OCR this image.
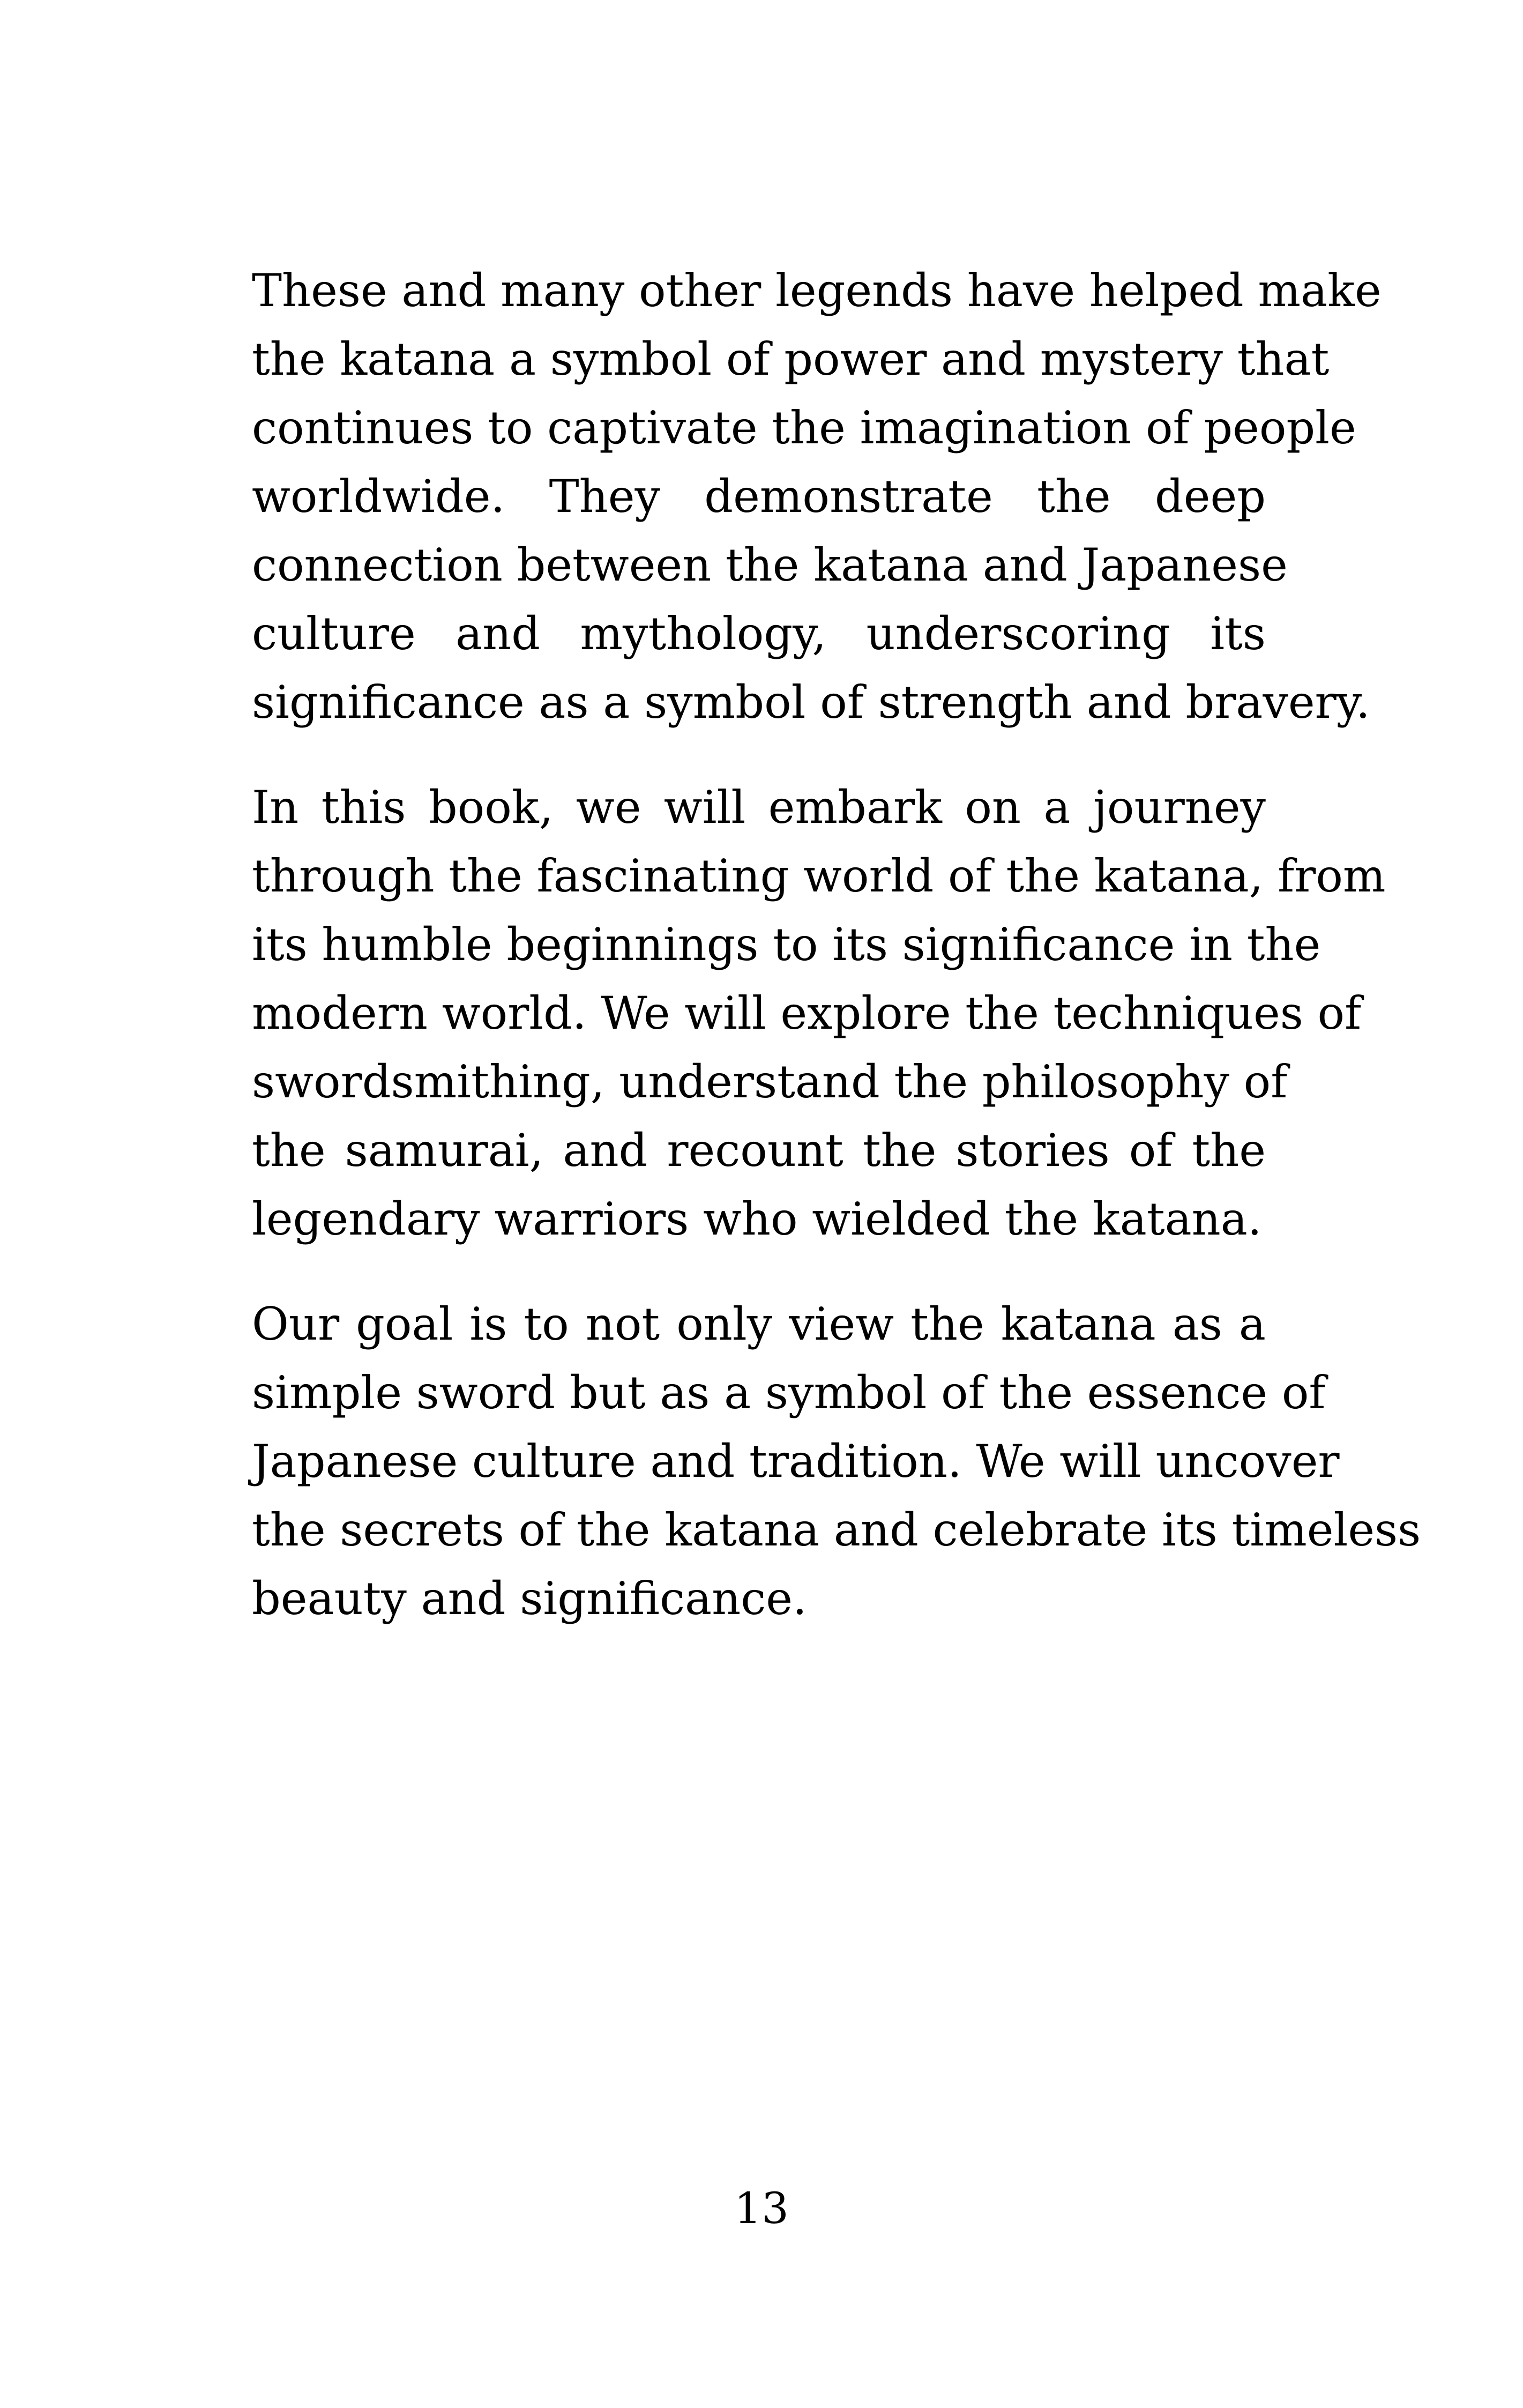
These and many other legends have helped make
the katana a symbol of power and mystery that
continues to captivate the imagination of people
worldwide. They demonstrate the deep
connection between the katana and Japanese
culture and mythology, underscoring its
significance as a symbol of strength and bravery.

In this book, we will embark on a journey
through the fascinating world of the katana, from
its humble beginnings to its significance in the
modern world. We will explore the techniques of
swordsmithing, understand the philosophy of
the samurai, and recount the stories of the
legendary warriors who wielded the katana.

Our goal is to not only view the katana as a
simple sword but as a symbol of the essence of
Japanese culture and tradition. We will uncover
the secrets of the katana and celebrate its timeless
beauty and significance.

13
